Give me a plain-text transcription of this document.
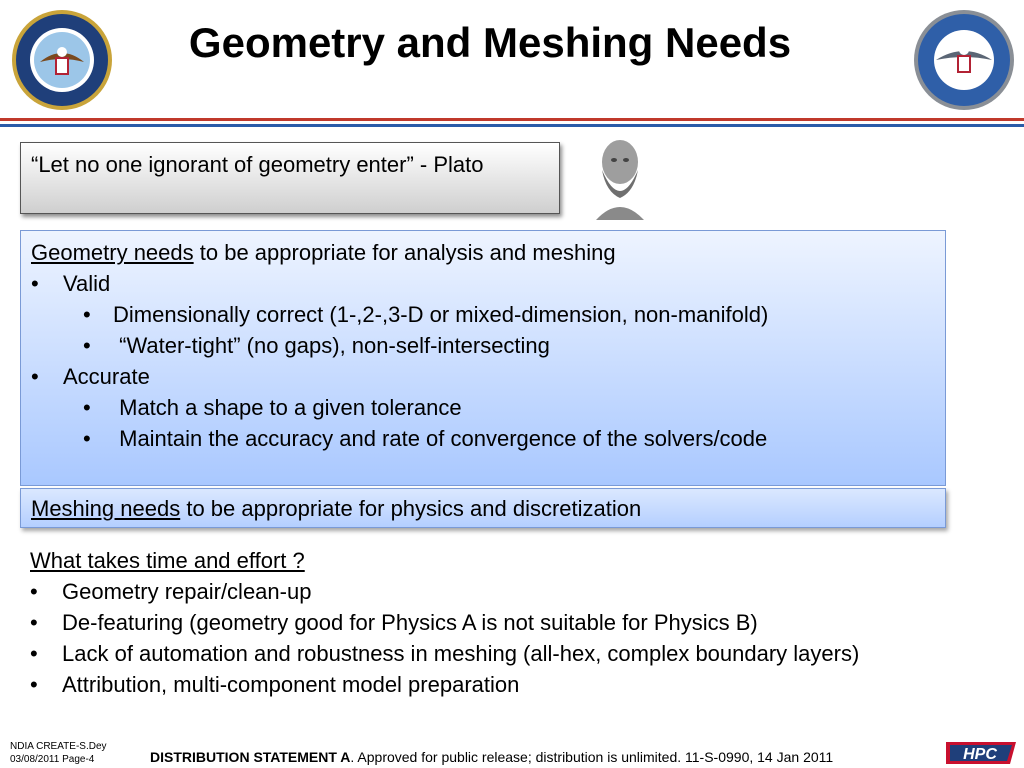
Geometry and Meshing Needs
“Let no one ignorant of geometry enter” - Plato
Geometry needs to be appropriate for analysis and meshing
• Valid
• Dimensionally correct (1-,2-,3-D or mixed-dimension, non-manifold)
• “Water-tight” (no gaps), non-self-intersecting
• Accurate
• Match a shape to a given tolerance
• Maintain the accuracy and rate of convergence of the solvers/code
Meshing needs to be appropriate for physics and discretization
What takes time and effort ?
• Geometry repair/clean-up
• De-featuring (geometry good for Physics A is not suitable for Physics B)
• Lack of automation and robustness in meshing (all-hex, complex boundary layers)
• Attribution, multi-component model preparation
NDIA CREATE-S.Dey
03/08/2011 Page-4	DISTRIBUTION STATEMENT A. Approved for public release; distribution is unlimited. 11-S-0990, 14 Jan 2011	HPC
